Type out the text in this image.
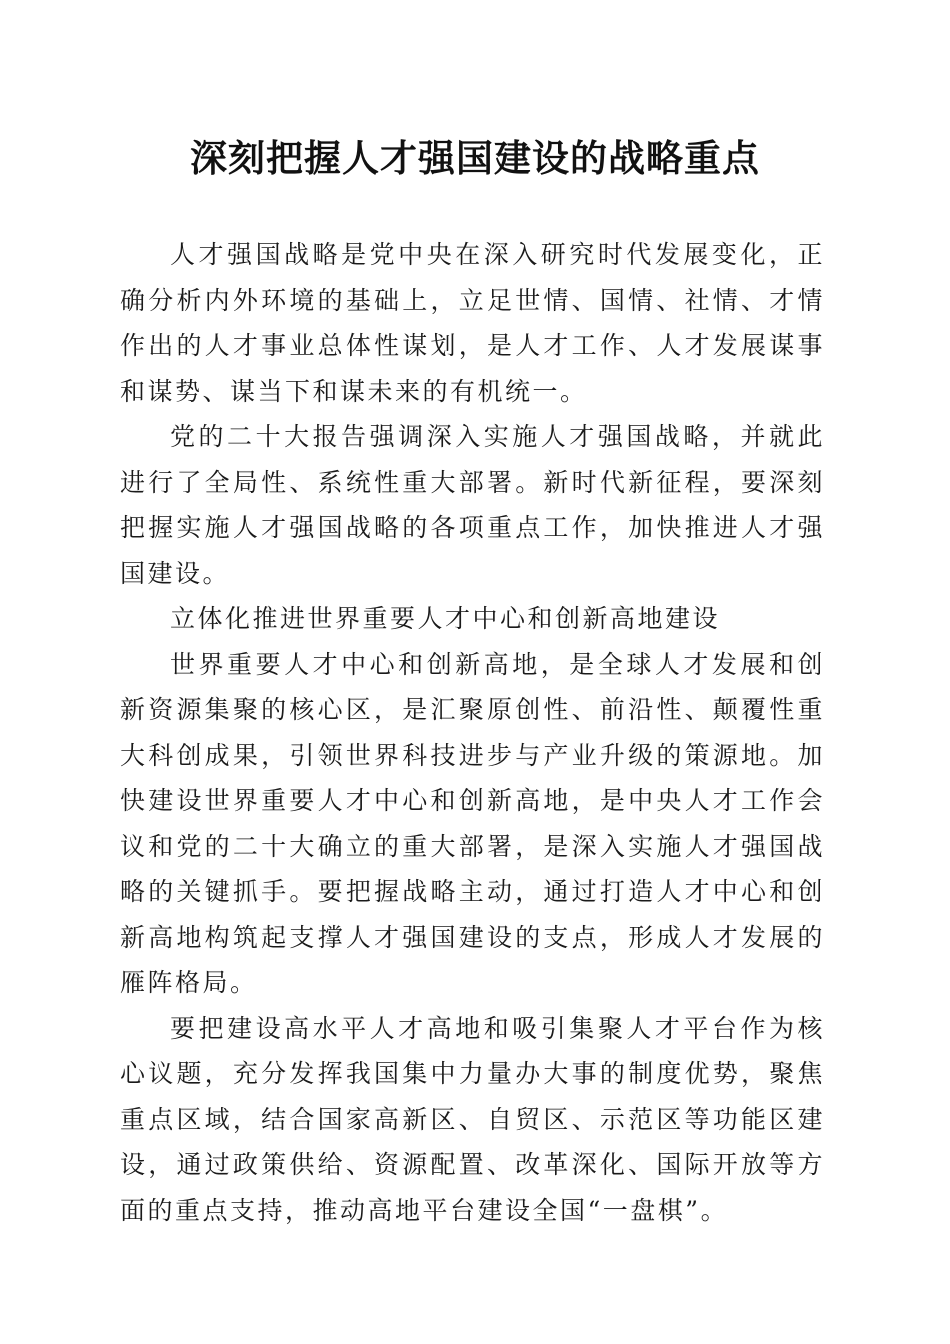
深刻把握人才强国建设的战略重点

人才强国战略是党中央在深入研究时代发展变化，正确分析内外环境的基础上，立足世情、国情、社情、才情作出的人才事业总体性谋划，是人才工作、人才发展谋事和谋势、谋当下和谋未来的有机统一。

党的二十大报告强调深入实施人才强国战略，并就此进行了全局性、系统性重大部署。新时代新征程，要深刻把握实施人才强国战略的各项重点工作，加快推进人才强国建设。

立体化推进世界重要人才中心和创新高地建设

世界重要人才中心和创新高地，是全球人才发展和创新资源集聚的核心区，是汇聚原创性、前沿性、颠覆性重大科创成果，引领世界科技进步与产业升级的策源地。加快建设世界重要人才中心和创新高地，是中央人才工作会议和党的二十大确立的重大部署，是深入实施人才强国战略的关键抓手。要把握战略主动，通过打造人才中心和创新高地构筑起支撑人才强国建设的支点，形成人才发展的雁阵格局。

要把建设高水平人才高地和吸引集聚人才平台作为核心议题，充分发挥我国集中力量办大事的制度优势，聚焦重点区域，结合国家高新区、自贸区、示范区等功能区建设，通过政策供给、资源配置、改革深化、国际开放等方面的重点支持，推动高地平台建设全国“一盘棋”。
